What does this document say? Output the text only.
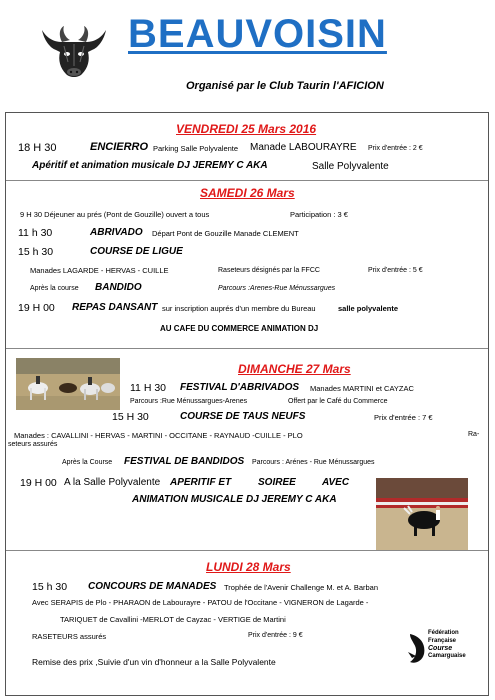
BEAUVOISIN
Organisé par le Club Taurin l'AFICION
VENDREDI 25 Mars 2016
18 H 30	ENCIERRO Parking Salle Polyvalente Manade LABOURAYRE Prix d'entrée : 2 €
Apéritif et animation musicale DJ JEREMY C AKA	Salle Polyvalente
SAMEDI 26 Mars
9 H 30 Déjeuner au prés (Pont de Gouzille) ouvert a tous	Participation : 3 €
11 h 30	ABRIVADO Départ Pont de Gouzille Manade CLEMENT
15 h 30	COURSE DE LIGUE
Manades LAGARDE - HERVAS - CUILLE	Raseteurs désignés par la FFCC	Prix d'entrée : 5 €
Après la course BANDIDO	Parcours :Arenes-Rue Ménussargues
19 H 00 REPAS DANSANT sur inscription auprés d'un membre du Bureau	salle polyvalente
AU CAFE DU COMMERCE ANIMATION DJ
DIMANCHE 27 Mars
11 H 30 FESTIVAL D'ABRIVADOS Manades MARTINI et CAYZAC
Parcours :Rue Ménussargues-Arenes	Offert par le Café du Commerce
15 H 30	COURSE DE TAUS NEUFS	Prix d'entrée : 7 €
Manades : CAVALLINI - HERVAS - MARTINI - OCCITANE - RAYNAUD -CUILLE - PLO	Ra-
seteurs assurés
Après la Course FESTIVAL DE BANDIDOS Parcours : Arénes - Rue Ménussargues
19 H 00 A la Salle Polyvalente APERITIF ET	SOIREE	AVEC
ANIMATION MUSICALE DJ JEREMY C AKA
LUNDI 28 Mars
15 h 30 CONCOURS DE MANADES Trophée de l'Avenir Challenge M. et A. Barban
Avec SERAPIS de Plo - PHARAON de Labourayre - PATOU de l'Occitane - VIGNERON de Lagarde -
TARIQUET de Cavallini -MERLOT de Cayzac - VERTIGE de Martini
RASETEURS assurés	Prix d'entrée : 9 €
Remise des prix ,Suivie d'un vin d'honneur a la Salle Polyvalente
Fédération
Française
Course
Camarguaise
